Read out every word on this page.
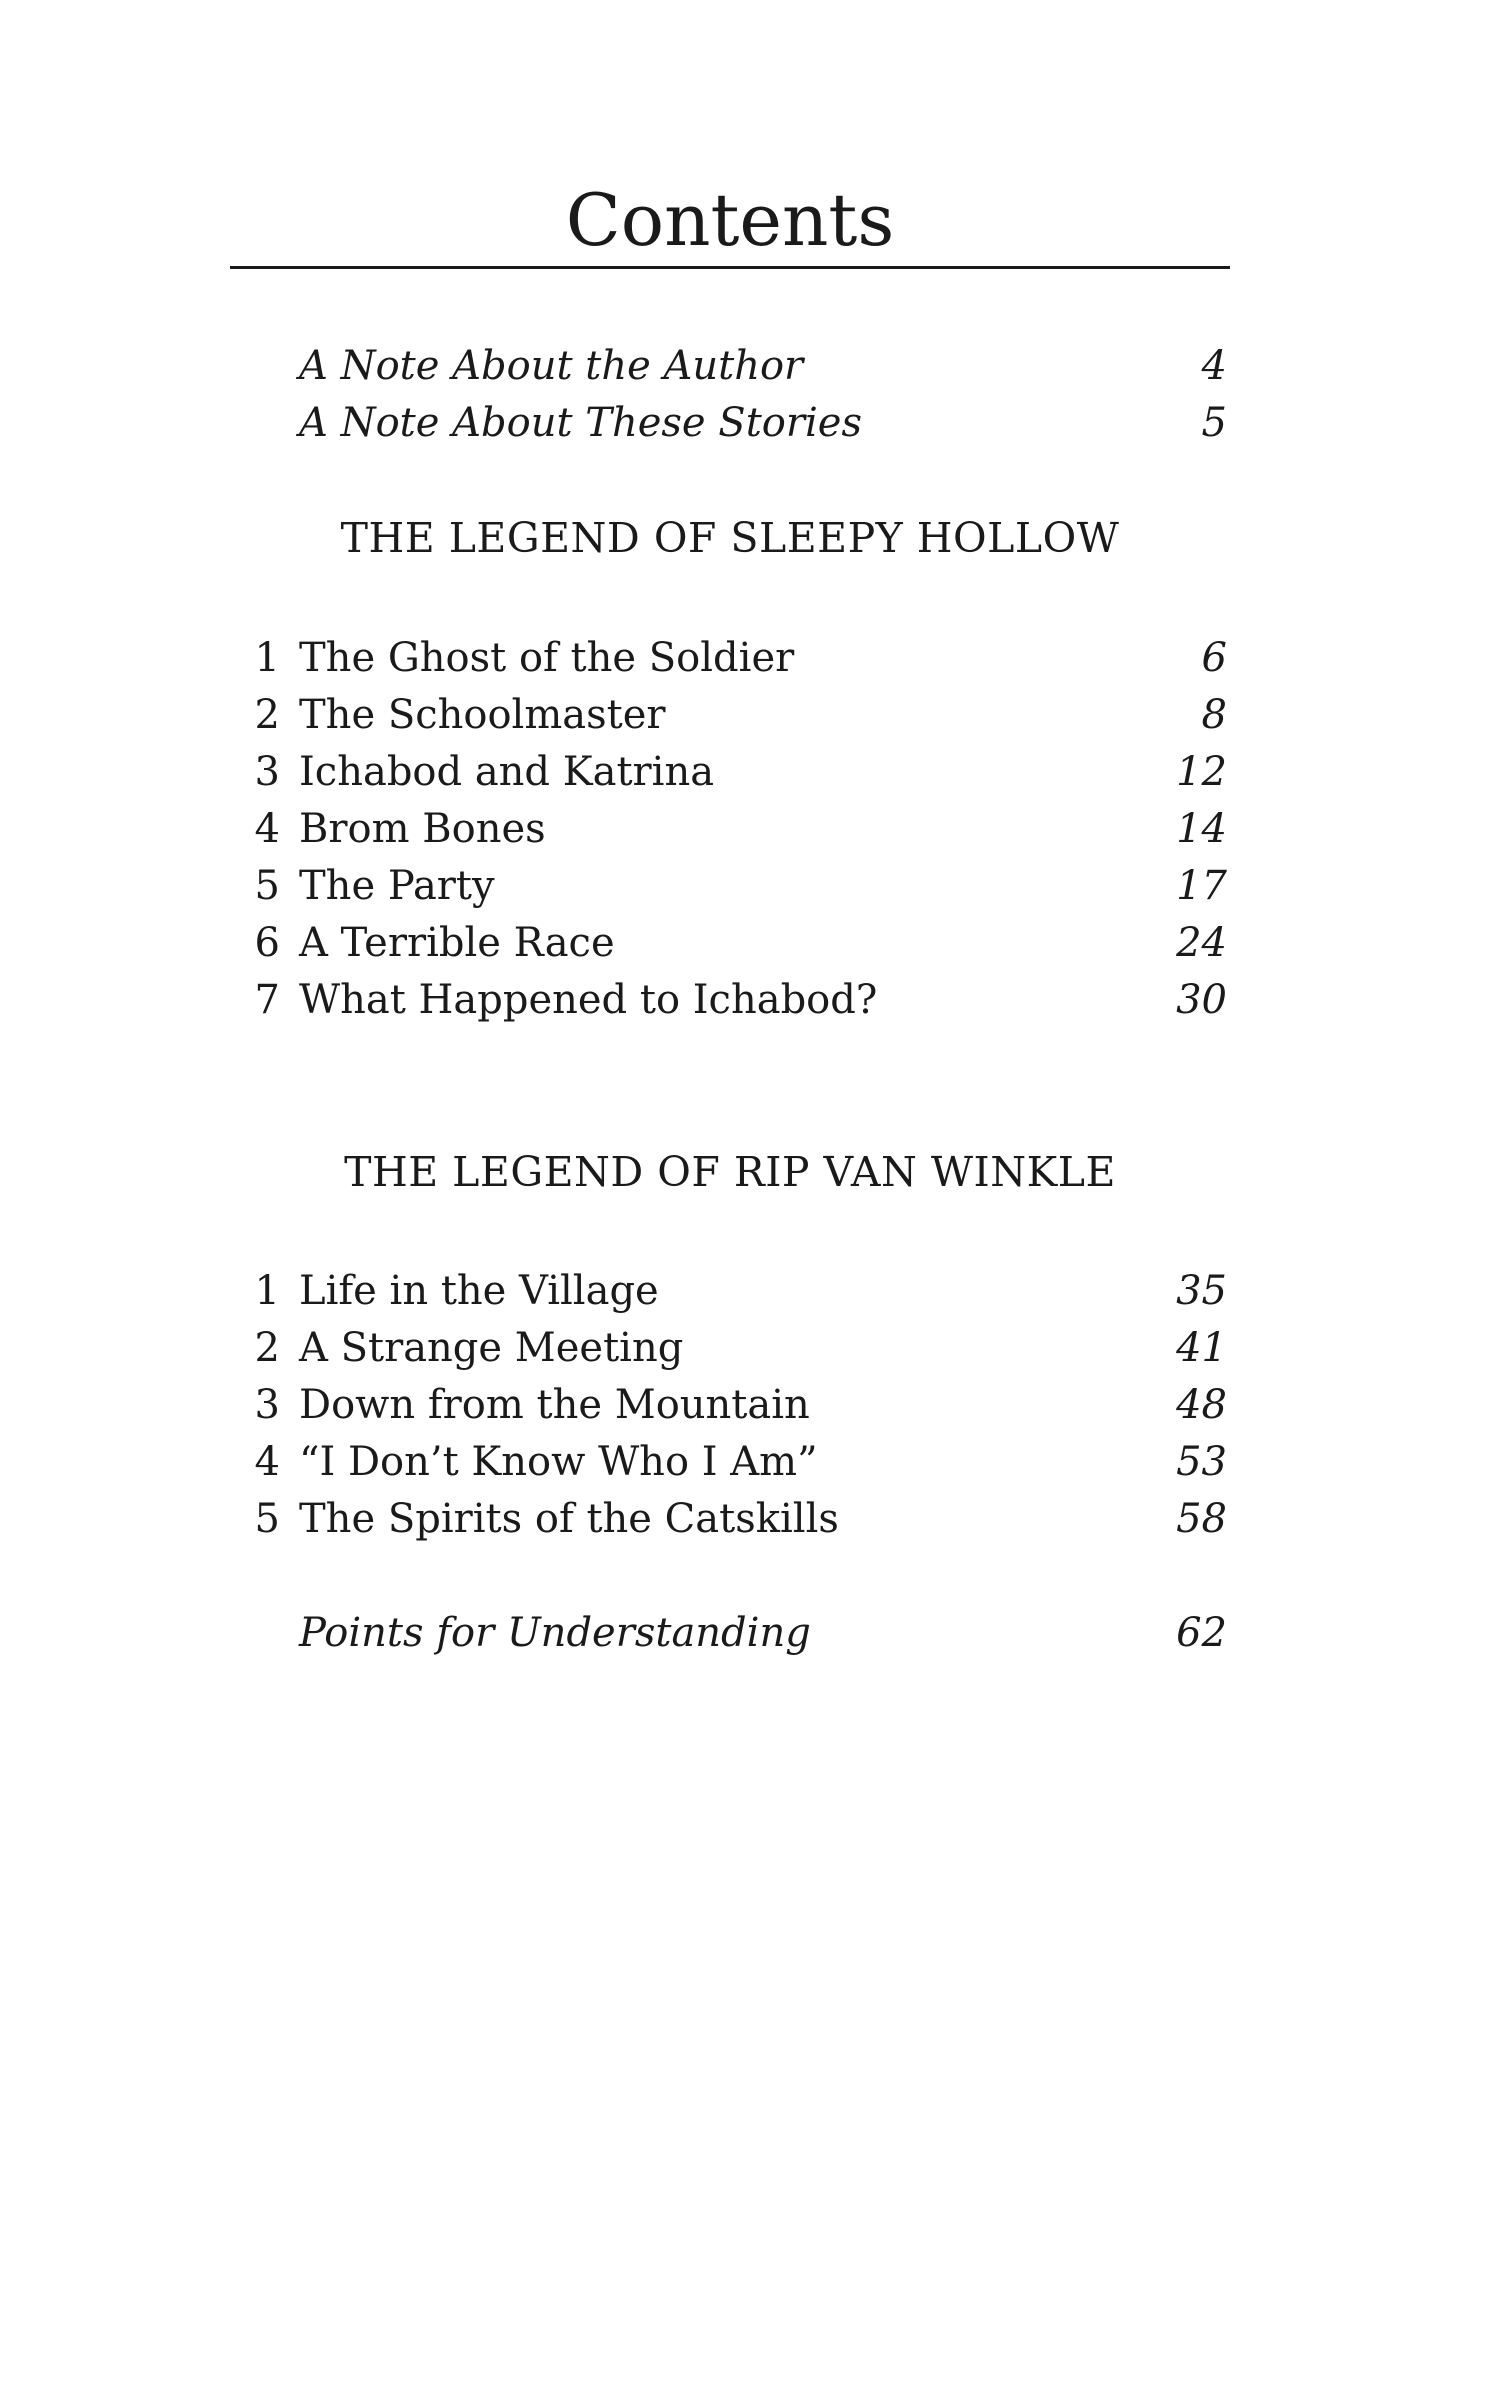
Contents
A Note About the Author	4
A Note About These Stories	5
THE LEGEND OF SLEEPY HOLLOW
1 The Ghost of the Soldier	6
2 The Schoolmaster	8
3 Ichabod and Katrina	12
4 Brom Bones	14
5 The Party	17
6 A Terrible Race	24
7 What Happened to Ichabod?	30
THE LEGEND OF RIP VAN WINKLE
1 Life in the Village	35
2 A Strange Meeting	41
3 Down from the Mountain	48
4 “I Don’t Know Who I Am”	53
5 The Spirits of the Catskills	58
Points for Understanding	62
